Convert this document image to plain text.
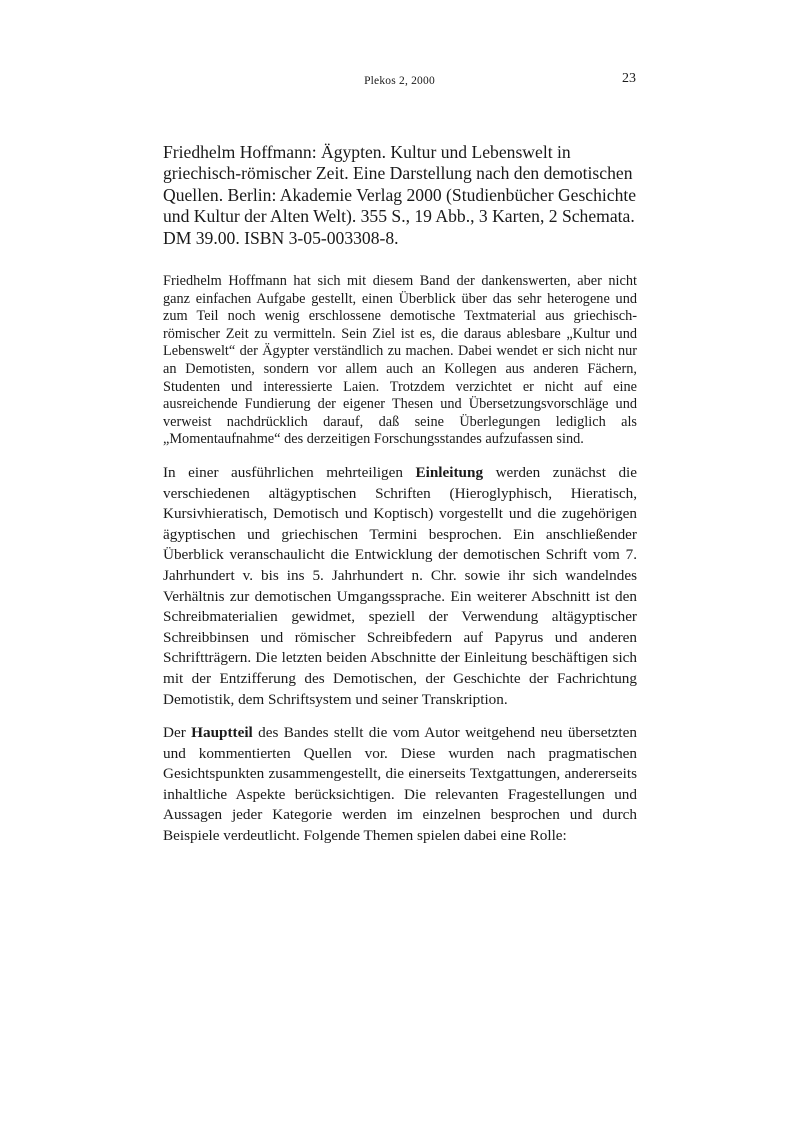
Plekos 2, 2000	23

Friedhelm Hoffmann: Ägypten. Kultur und Lebenswelt in griechisch-römischer Zeit. Eine Darstellung nach den demotischen Quellen. Berlin: Akademie Verlag 2000 (Studienbücher Geschichte und Kultur der Alten Welt). 355 S., 19 Abb., 3 Karten, 2 Schemata. DM 39.00. ISBN 3-05-003308-8.

Friedhelm Hoffmann hat sich mit diesem Band der dankenswerten, aber nicht ganz einfachen Aufgabe gestellt, einen Überblick über das sehr heterogene und zum Teil noch wenig erschlossene demotische Textmaterial aus griechisch-römischer Zeit zu vermitteln. Sein Ziel ist es, die daraus ablesbare „Kultur und Lebenswelt“ der Ägypter verständlich zu machen. Dabei wendet er sich nicht nur an Demotisten, sondern vor allem auch an Kollegen aus anderen Fächern, Studenten und interessierte Laien. Trotzdem verzichtet er nicht auf eine ausreichende Fundierung der eigener Thesen und Übersetzungsvorschläge und verweist nachdrücklich darauf, daß seine Überlegungen lediglich als „Momentaufnahme“ des derzeitigen Forschungsstandes aufzufassen sind.

In einer ausführlichen mehrteiligen Einleitung werden zunächst die verschiedenen altägyptischen Schriften (Hieroglyphisch, Hieratisch, Kursivhieratisch, Demotisch und Koptisch) vorgestellt und die zugehörigen ägyptischen und griechischen Termini besprochen. Ein anschließender Überblick veranschaulicht die Entwicklung der demotischen Schrift vom 7. Jahrhundert v. bis ins 5. Jahrhundert n. Chr. sowie ihr sich wandelndes Verhältnis zur demotischen Umgangssprache. Ein weiterer Abschnitt ist den Schreibmaterialien gewidmet, speziell der Verwendung altägyptischer Schreibbinsen und römischer Schreibfedern auf Papyrus und anderen Schriftträgern. Die letzten beiden Abschnitte der Einleitung beschäftigen sich mit der Entzifferung des Demotischen, der Geschichte der Fachrichtung Demotistik, dem Schriftsystem und seiner Transkription.

Der Hauptteil des Bandes stellt die vom Autor weitgehend neu übersetzten und kommentierten Quellen vor. Diese wurden nach pragmatischen Gesichtspunkten zusammengestellt, die einerseits Textgattungen, andererseits inhaltliche Aspekte berücksichtigen. Die relevanten Fragestellungen und Aussagen jeder Kategorie werden im einzelnen besprochen und durch Beispiele verdeutlicht. Folgende Themen spielen dabei eine Rolle:
